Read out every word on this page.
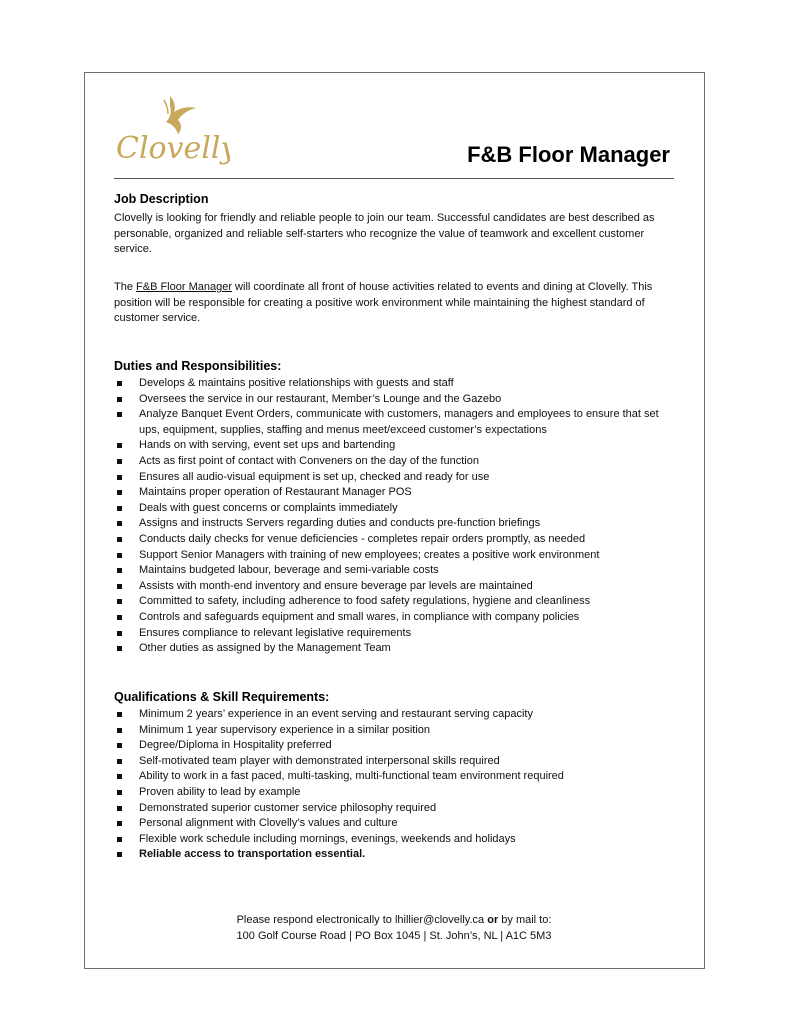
Clovelly	F&B Floor Manager
Job Description

Clovelly is looking for friendly and reliable people to join our team. Successful candidates are best described as personable, organized and reliable self-starters who recognize the value of teamwork and excellent customer service.

The F&B Floor Manager will coordinate all front of house activities related to events and dining at Clovelly. This position will be responsible for creating a positive work environment while maintaining the highest standard of customer service.

Duties and Responsibilities:
Develops & maintains positive relationships with guests and staff
Oversees the service in our restaurant, Member’s Lounge and the Gazebo
Analyze Banquet Event Orders, communicate with customers, managers and employees to ensure that set ups, equipment, supplies, staffing and menus meet/exceed customer’s expectations
Hands on with serving, event set ups and bartending
Acts as first point of contact with Conveners on the day of the function
Ensures all audio-visual equipment is set up, checked and ready for use
Maintains proper operation of Restaurant Manager POS
Deals with guest concerns or complaints immediately
Assigns and instructs Servers regarding duties and conducts pre-function briefings
Conducts daily checks for venue deficiencies - completes repair orders promptly, as needed
Support Senior Managers with training of new employees; creates a positive work environment
Maintains budgeted labour, beverage and semi-variable costs
Assists with month-end inventory and ensure beverage par levels are maintained
Committed to safety, including adherence to food safety regulations, hygiene and cleanliness
Controls and safeguards equipment and small wares, in compliance with company policies
Ensures compliance to relevant legislative requirements
Other duties as assigned by the Management Team
Qualifications & Skill Requirements:
Minimum 2 years’ experience in an event serving and restaurant serving capacity
Minimum 1 year supervisory experience in a similar position
Degree/Diploma in Hospitality preferred
Self-motivated team player with demonstrated interpersonal skills required
Ability to work in a fast paced, multi-tasking, multi-functional team environment required
Proven ability to lead by example
Demonstrated superior customer service philosophy required
Personal alignment with Clovelly’s values and culture
Flexible work schedule including mornings, evenings, weekends and holidays
Reliable access to transportation essential.
Please respond electronically to lhillier@clovelly.ca or by mail to:
100 Golf Course Road | PO Box 1045 | St. John’s, NL | A1C 5M3
